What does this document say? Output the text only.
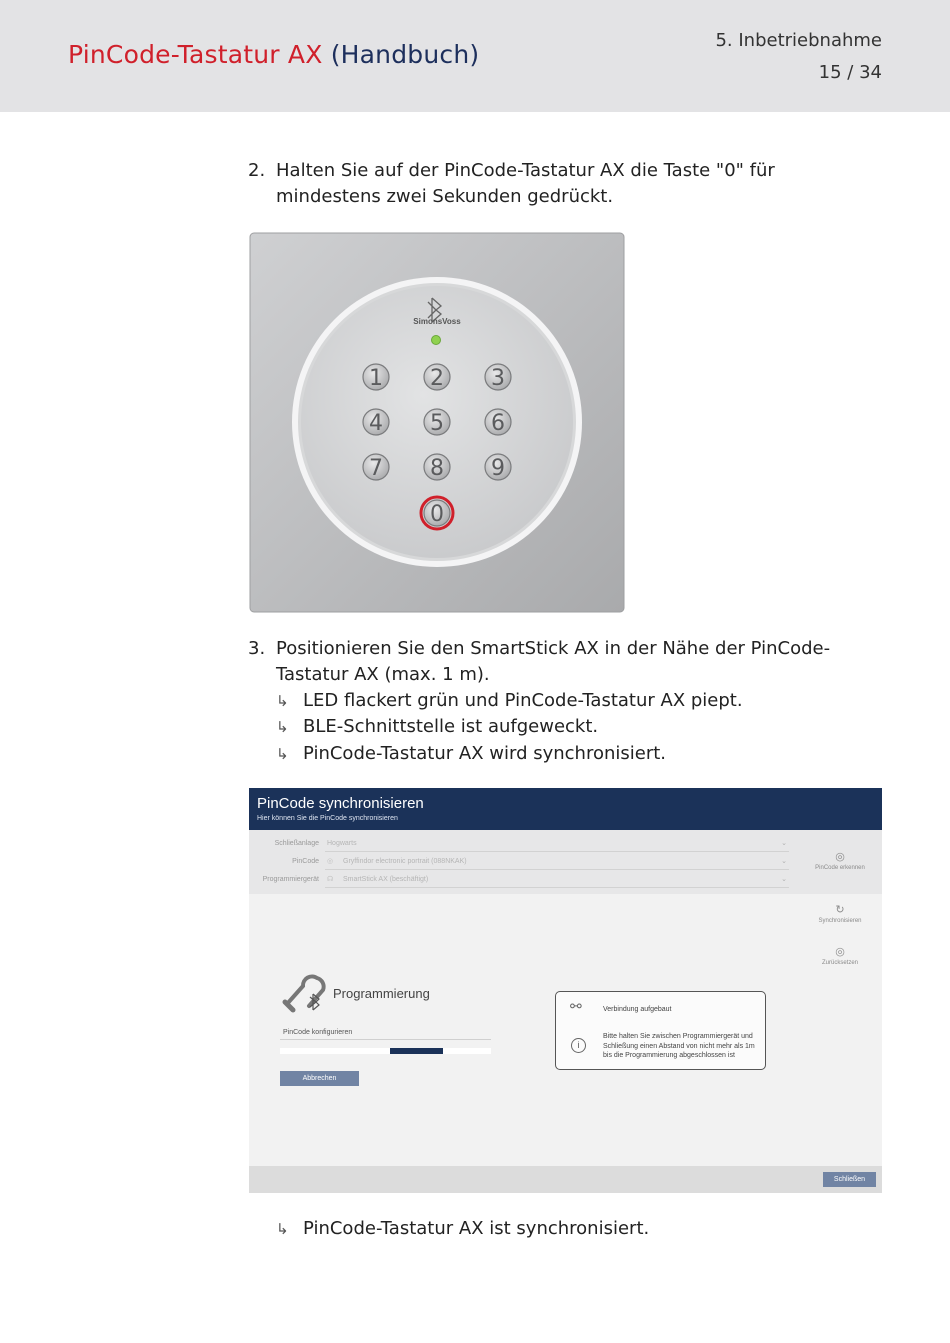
PinCode-Tastatur AX (Handbuch)	5. Inbetriebnahme
15 / 34
2. Halten Sie auf der PinCode-Tastatur AX die Taste "0" für mindestens zwei Sekunden gedrückt.
SimonsVoss
1 2 3
4 5 6
7 8 9
0
3. Positionieren Sie den SmartStick AX in der Nähe der PinCode-Tastatur AX (max. 1 m).
↳ LED flackert grün und PinCode-Tastatur AX piept.
↳ BLE-Schnittstelle ist aufgeweckt.
↳ PinCode-Tastatur AX wird synchronisiert.
PinCode synchronisieren
Hier können Sie die PinCode synchronisieren
Schließanlage Hogwarts	⌄
PinCode ◎ Gryffindor electronic portrait (088NKAK)	⌄
Programmiergerät ☊ SmartStick AX (beschäftigt)	⌄
◎
PinCode erkennen
↻
Synchronisieren
◎
Zurücksetzen
Programmierung
PinCode konfigurieren
Abbrechen
⚯	Verbindung aufgebaut
i
Bitte halten Sie zwischen Programmiergerät und Schließung einen Abstand von nicht mehr als 1m bis die Programmierung abgeschlossen ist
Schließen
↳ PinCode-Tastatur AX ist synchronisiert.
